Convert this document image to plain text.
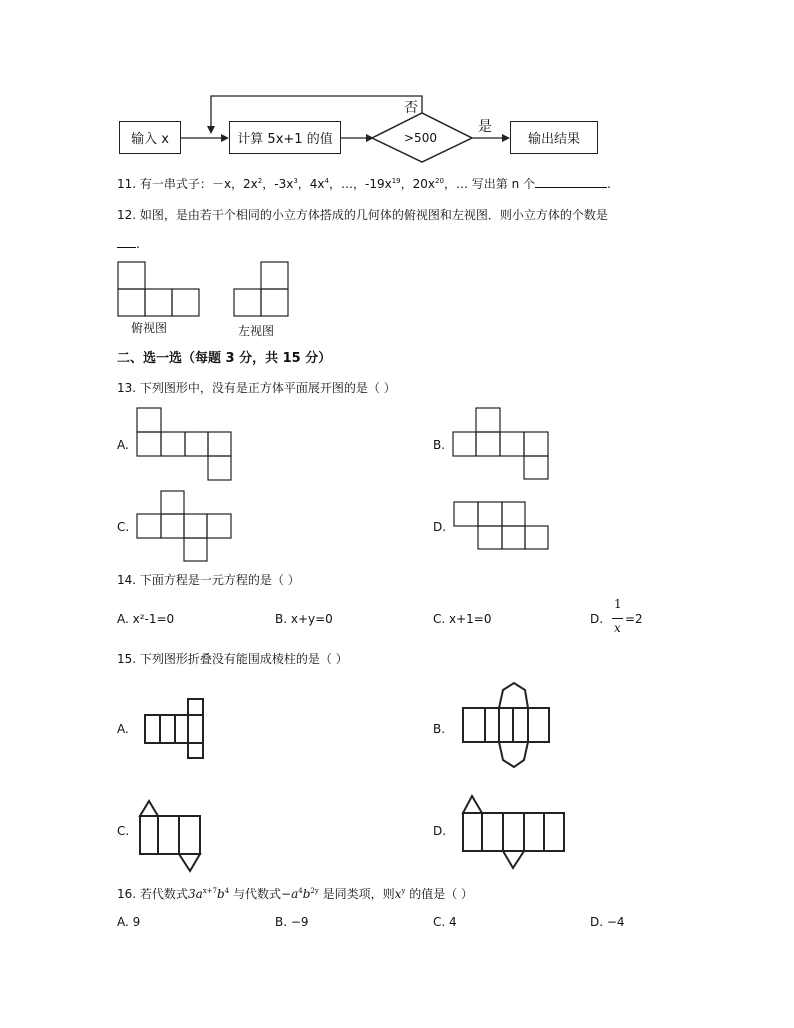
输入 x	计算 5x+1 的值	>500
否
是
输出结果
11. 有一串式子：－x，$2x^2$，$-3x^3$，$4x^4$，…，$-19x^{19}$，$20x^{20}$，… 写出第 n 个	.
12. 如图，是由若干个相同的小立方体搭成的几何体的俯视图和左视图．则小立方体的个数是
.
俯视图	左视图
二、选一选（每题 3 分，共 15 分）
13. 下列图形中，没有是正方体平面展开图的是（ ）
A.	B.
C.	D.
14. 下面方程是一元方程的是（ ）
A. x²-1=0	B. x+y=0	C. x+1=0	D.
1
x
=2
15. 下列图形折叠没有能围成棱柱的是（ ）
A.	B.
C.	D.
16. 若代数式$3a^{x+7}b^4$ 与代数式$-a^4b^{2y}$ 是同类项，则$x^y$ 的值是（ ）
A. 9	B. −9	C. 4	D. −4
